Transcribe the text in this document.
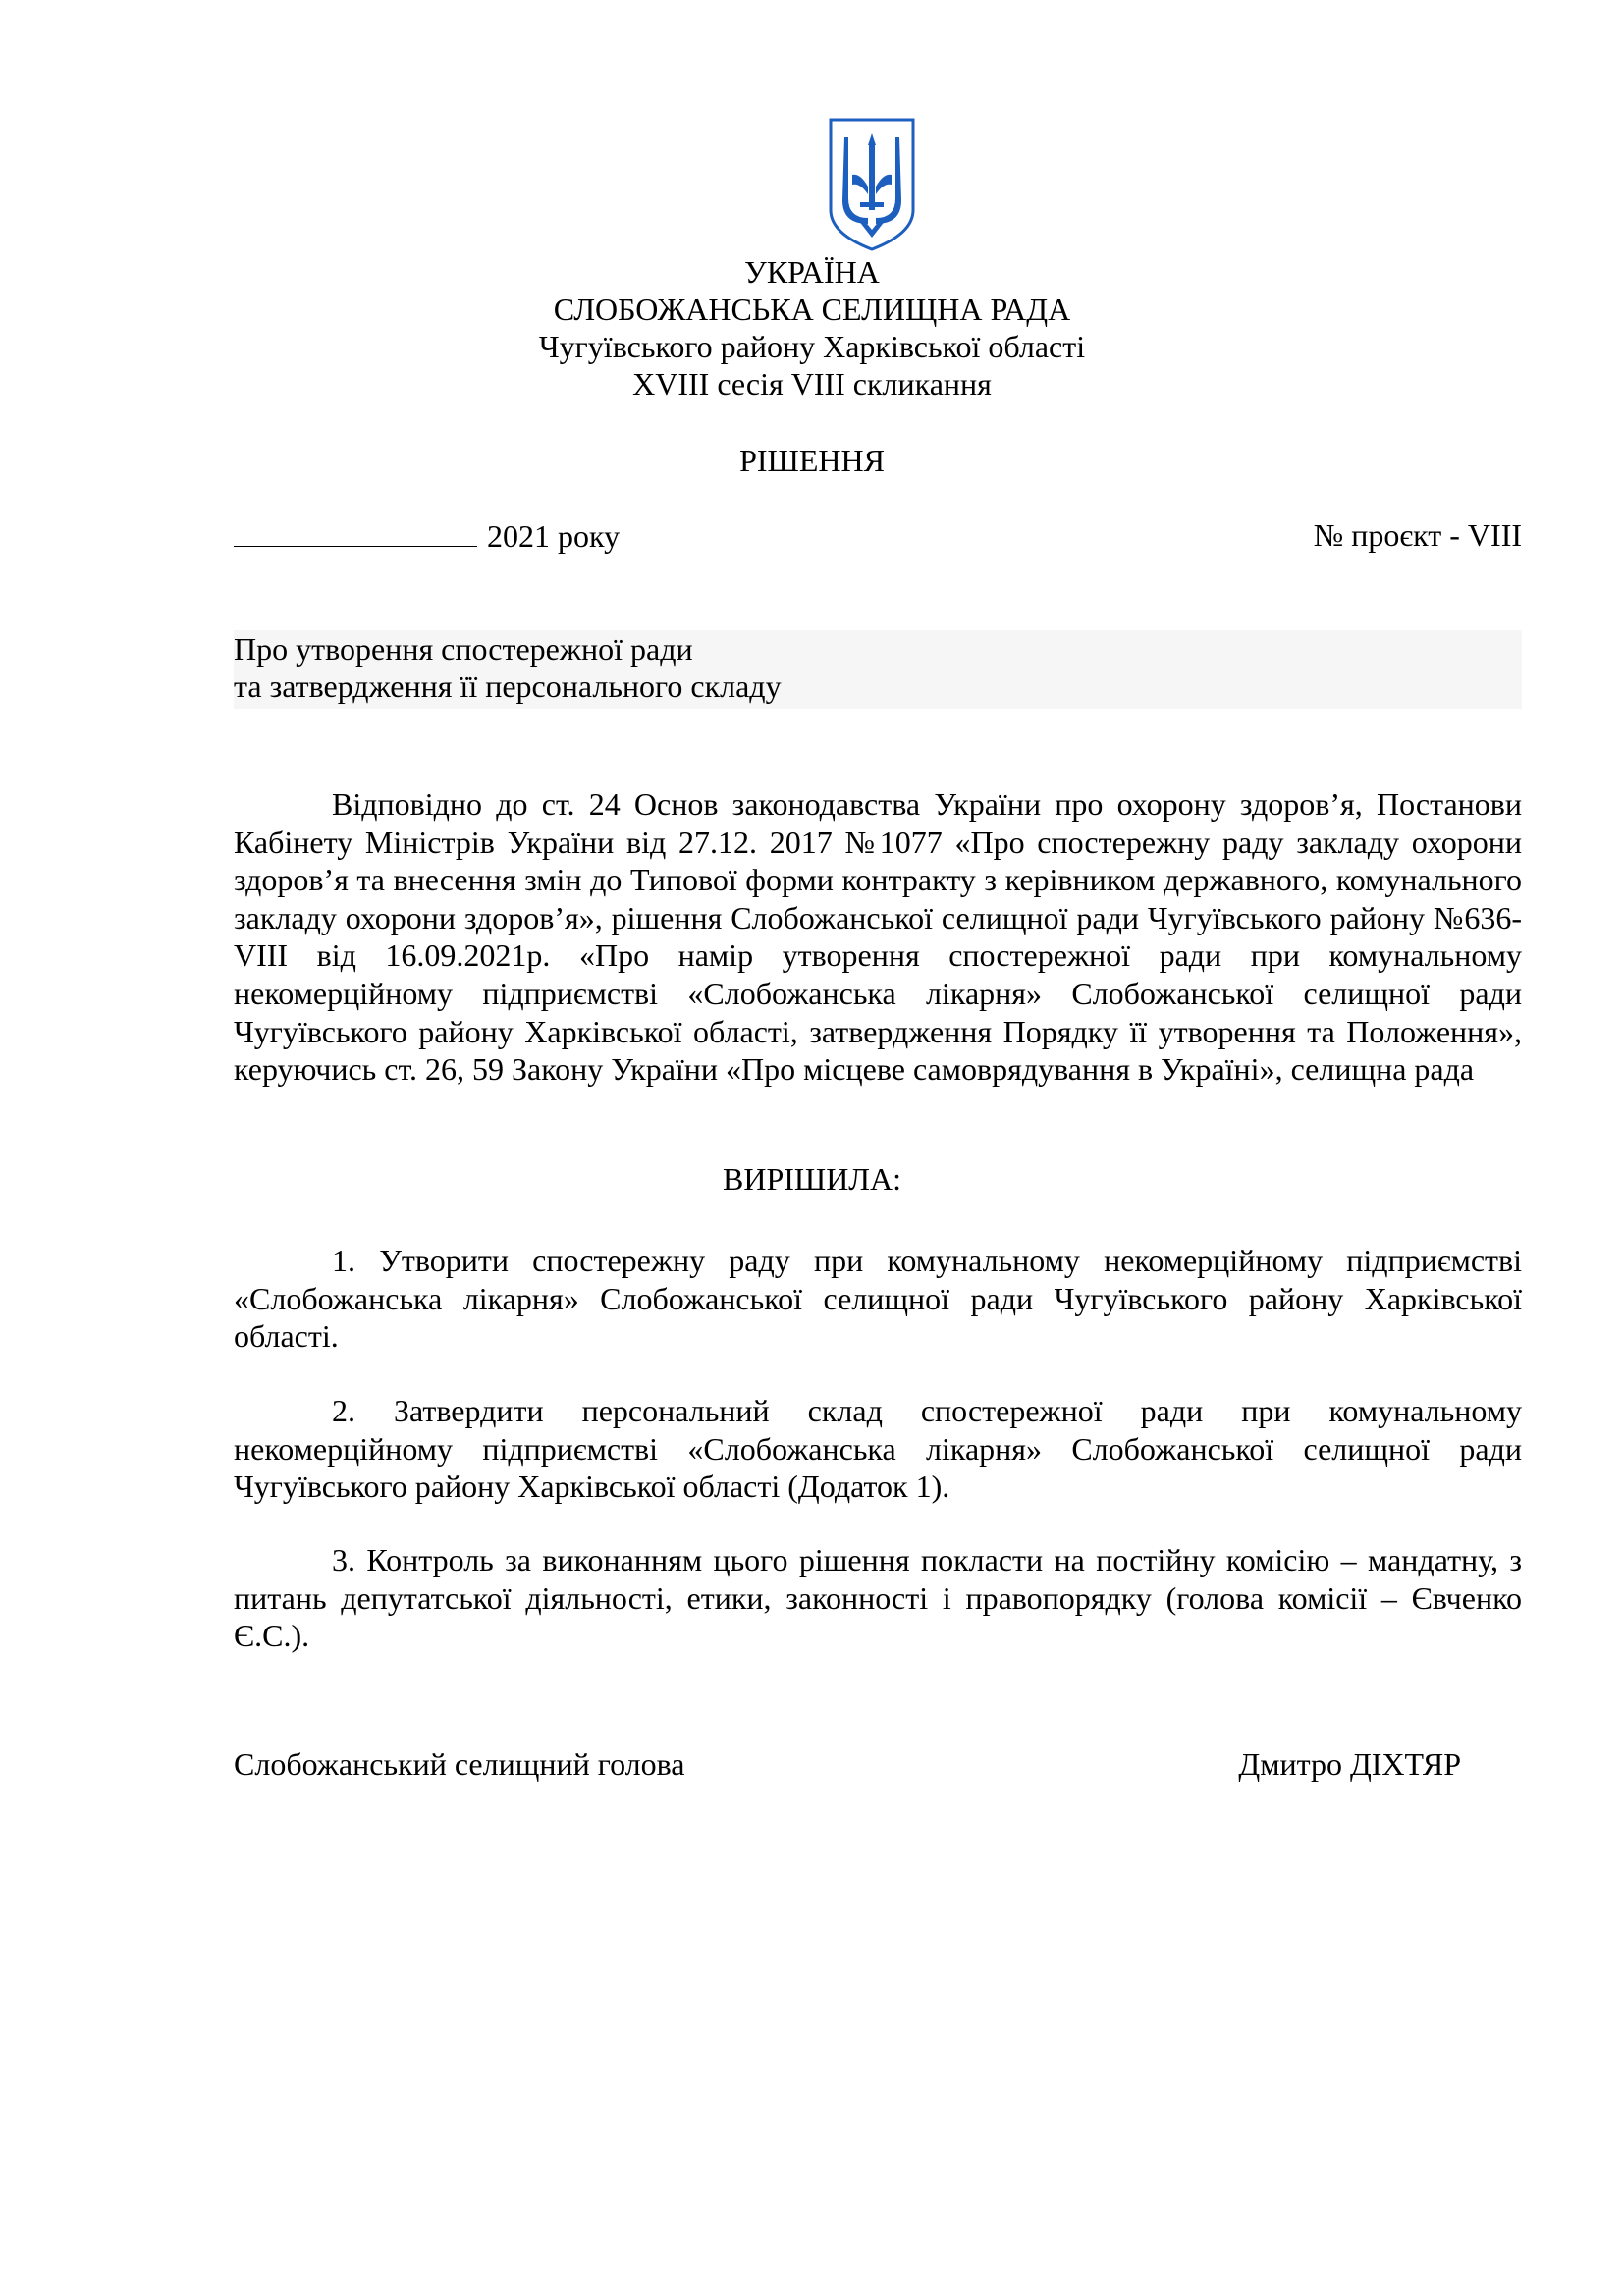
УКРАЇНА
СЛОБОЖАНСЬКА СЕЛИЩНА РАДА
Чугуївського району Харківської області
XVIII сесія VIII скликання
РІШЕННЯ
2021 року	№ проєкт - VIII
Про утворення спостережної ради
та затвердження її персонального складу
Відповідно до ст. 24 Основ законодавства України про охорону здоров’я, Постанови Кабінету Міністрів України від 27.12. 2017 №1077 «Про спостережну раду закладу охорони здоров’я та внесення змін до Типової форми контракту з керівником державного, комунального закладу охорони здоров’я», рішення Слобожанської селищної ради Чугуївського району №636-VIII від 16.09.2021р. «Про намір утворення спостережної ради при комунальному некомерційному підприємстві «Слобожанська лікарня» Слобожанської селищної ради Чугуївського району Харківської області, затвердження Порядку її утворення та Положення», керуючись ст. 26, 59 Закону України «Про місцеве самоврядування в Україні», селищна рада
ВИРІШИЛА:
1. Утворити спостережну раду при комунальному некомерційному підприємстві «Слобожанська лікарня» Слобожанської селищної ради Чугуївського району Харківської області.
2. Затвердити персональний склад спостережної ради при комунальному некомерційному підприємстві «Слобожанська лікарня» Слобожанської селищної ради Чугуївського району Харківської області (Додаток 1).
3. Контроль за виконанням цього рішення покласти на постійну комісію – мандатну, з питань депутатської діяльності, етики, законності і правопорядку (голова комісії – Євченко Є.С.).
Слобожанський селищний голова	Дмитро ДІХТЯР
